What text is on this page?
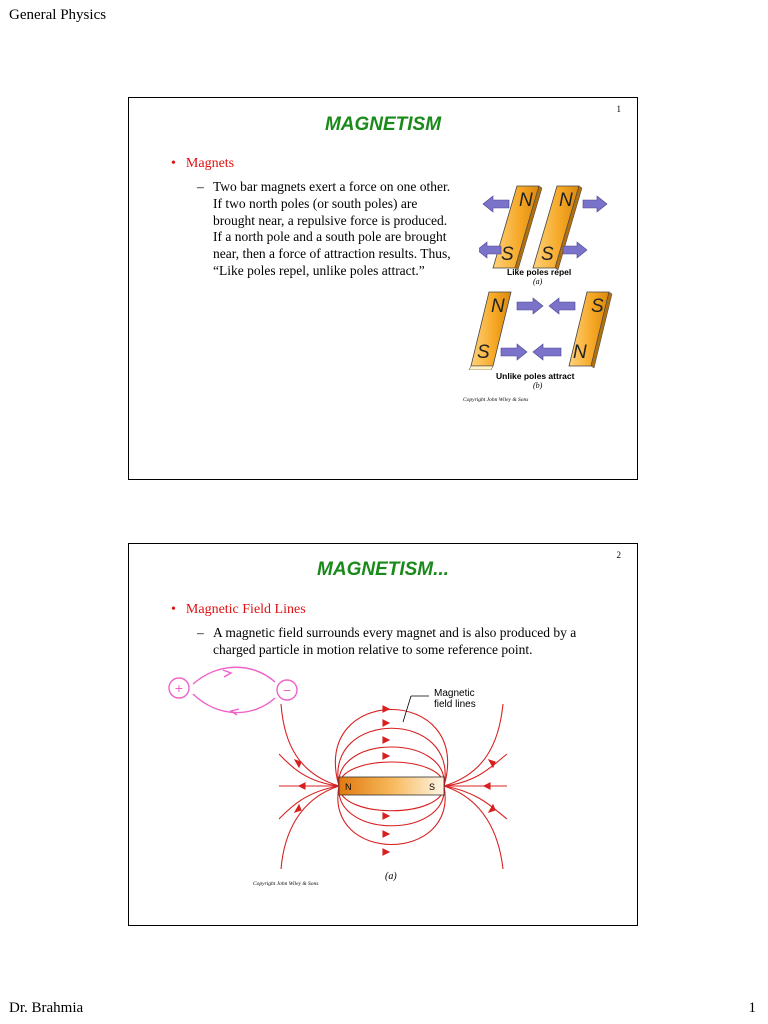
General Physics
1
MAGNETISM
• Magnets
– Two bar magnets exert a force on one other. If two north poles (or south poles) are brought near, a repulsive force is produced. If a north pole and a south pole are brought near, then a force of attraction results. Thus, “Like poles repel, unlike poles attract.”
N N
S S
Like poles repel
(a)
N	S
S	N
Unlike poles attract
(b)
Copyright John Wiley & Sons
2
MAGNETISM...
• Magnetic Field Lines
– A magnetic field surrounds every magnet and is also produced by a charged particle in motion relative to some reference point.
+	−
N	S
Magnetic
field lines
(a)
Copyright John Wiley & Sons
Dr. Brahmia	1
